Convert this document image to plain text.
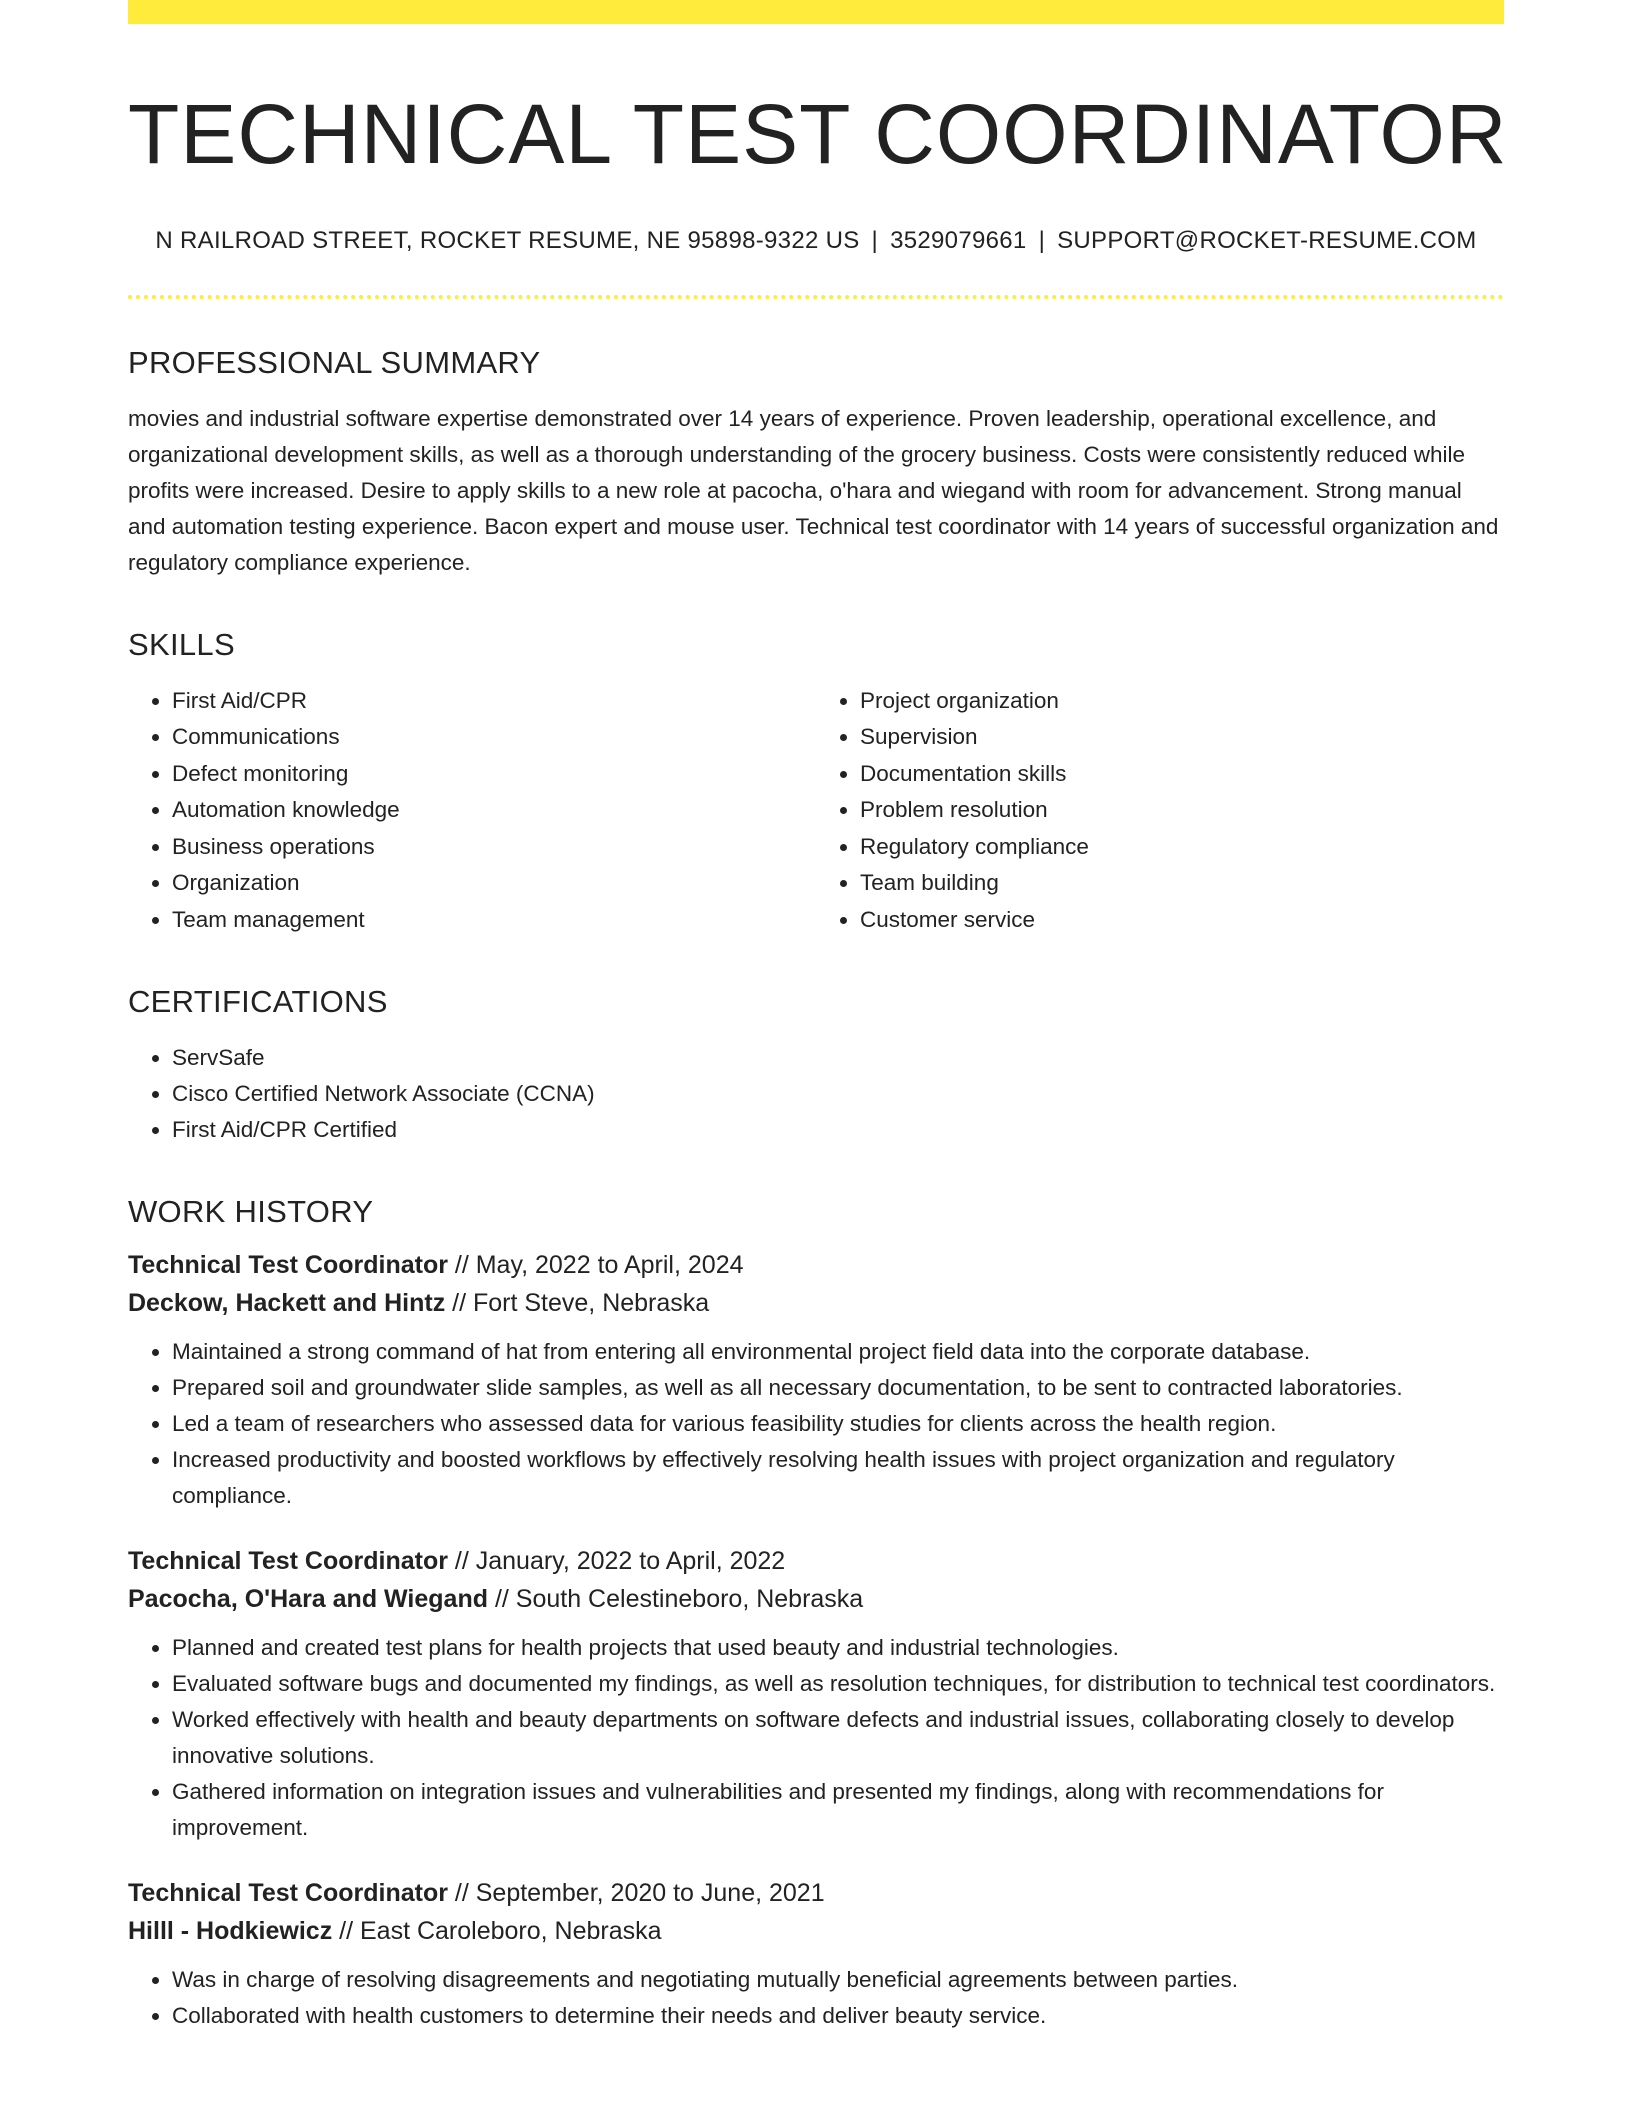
TECHNICAL TEST COORDINATOR
N RAILROAD STREET, ROCKET RESUME, NE 95898-9322 US | 3529079661 | SUPPORT@ROCKET-RESUME.COM
PROFESSIONAL SUMMARY
movies and industrial software expertise demonstrated over 14 years of experience. Proven leadership, operational excellence, and organizational development skills, as well as a thorough understanding of the grocery business. Costs were consistently reduced while profits were increased. Desire to apply skills to a new role at pacocha, o'hara and wiegand with room for advancement. Strong manual and automation testing experience. Bacon expert and mouse user. Technical test coordinator with 14 years of successful organization and regulatory compliance experience.
SKILLS
• First Aid/CPR
• Communications
• Defect monitoring
• Automation knowledge
• Business operations
• Organization
• Team management
• Project organization
• Supervision
• Documentation skills
• Problem resolution
• Regulatory compliance
• Team building
• Customer service
CERTIFICATIONS
• ServSafe
• Cisco Certified Network Associate (CCNA)
• First Aid/CPR Certified
WORK HISTORY
Technical Test Coordinator // May, 2022 to April, 2024
Deckow, Hackett and Hintz // Fort Steve, Nebraska
• Maintained a strong command of hat from entering all environmental project field data into the corporate database.
• Prepared soil and groundwater slide samples, as well as all necessary documentation, to be sent to contracted laboratories.
• Led a team of researchers who assessed data for various feasibility studies for clients across the health region.
• Increased productivity and boosted workflows by effectively resolving health issues with project organization and regulatory compliance.
Technical Test Coordinator // January, 2022 to April, 2022
Pacocha, O'Hara and Wiegand // South Celestineboro, Nebraska
• Planned and created test plans for health projects that used beauty and industrial technologies.
• Evaluated software bugs and documented my findings, as well as resolution techniques, for distribution to technical test coordinators.
• Worked effectively with health and beauty departments on software defects and industrial issues, collaborating closely to develop innovative solutions.
• Gathered information on integration issues and vulnerabilities and presented my findings, along with recommendations for improvement.
Technical Test Coordinator // September, 2020 to June, 2021
Hilll - Hodkiewicz // East Caroleboro, Nebraska
• Was in charge of resolving disagreements and negotiating mutually beneficial agreements between parties.
• Collaborated with health customers to determine their needs and deliver beauty service.
